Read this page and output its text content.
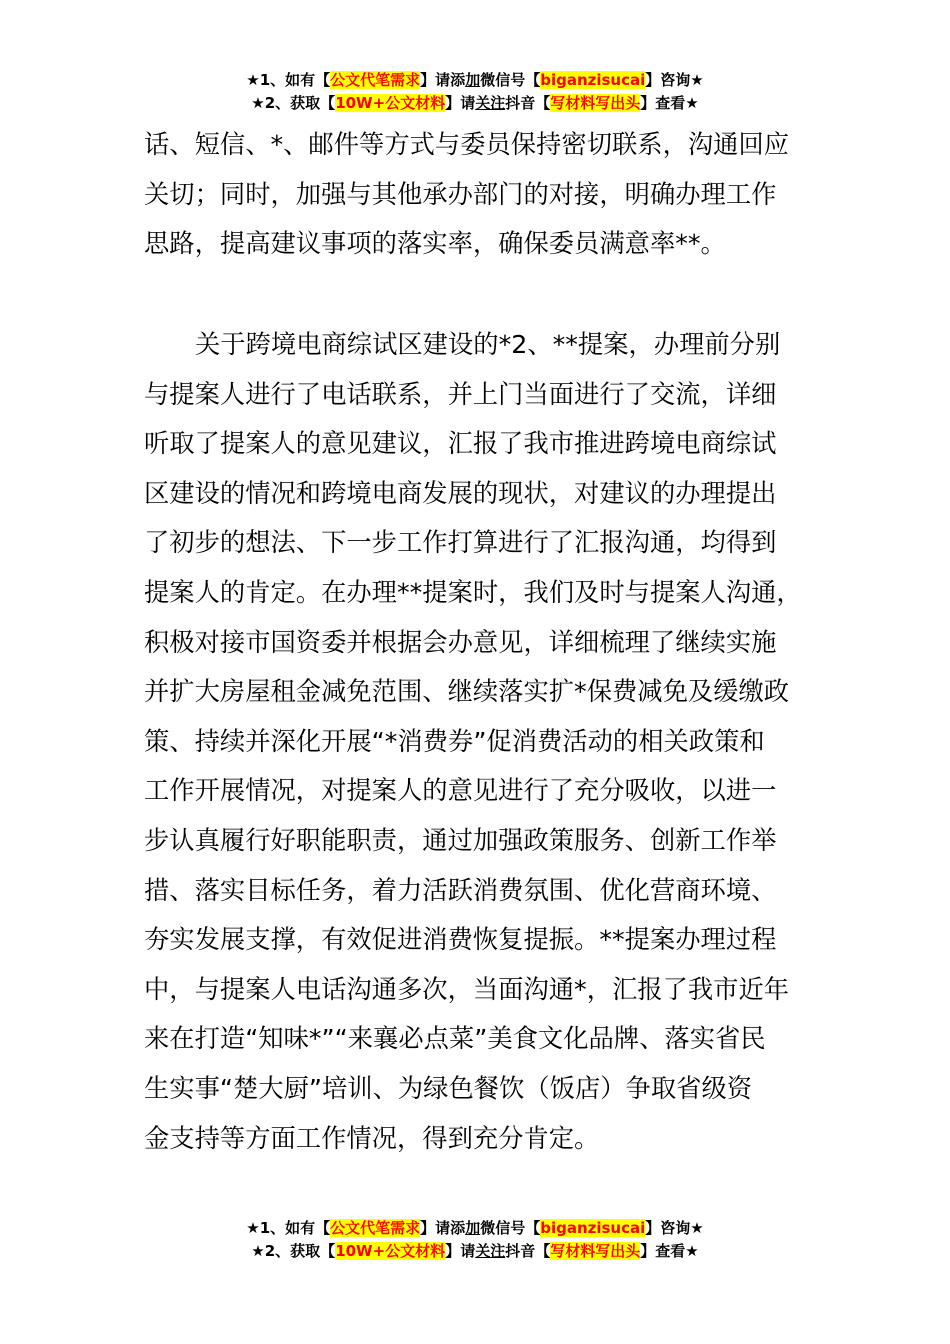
★1、如有【公文代笔需求】请添加微信号【biganzisucai】咨询★
★2、获取【10W+公文材料】请关注抖音【写材料写出头】查看★
话、短信、*、邮件等方式与委员保持密切联系，沟通回应
关切；同时，加强与其他承办部门的对接，明确办理工作
思路，提高建议事项的落实率，确保委员满意率**。
关于跨境电商综试区建设的*2、**提案，办理前分别
与提案人进行了电话联系，并上门当面进行了交流，详细
听取了提案人的意见建议，汇报了我市推进跨境电商综试
区建设的情况和跨境电商发展的现状，对建议的办理提出
了初步的想法、下一步工作打算进行了汇报沟通，均得到
提案人的肯定。在办理**提案时，我们及时与提案人沟通，
积极对接市国资委并根据会办意见，详细梳理了继续实施
并扩大房屋租金减免范围、继续落实扩*保费减免及缓缴政
策、持续并深化开展“*消费券”促消费活动的相关政策和
工作开展情况，对提案人的意见进行了充分吸收，以进一
步认真履行好职能职责，通过加强政策服务、创新工作举
措、落实目标任务，着力活跃消费氛围、优化营商环境、
夯实发展支撑，有效促进消费恢复提振。**提案办理过程
中，与提案人电话沟通多次，当面沟通*，汇报了我市近年
来在打造“知味*”“来襄必点菜”美食文化品牌、落实省民
生实事“楚大厨”培训、为绿色餐饮（饭店）争取省级资
金支持等方面工作情况，得到充分肯定。
★1、如有【公文代笔需求】请添加微信号【biganzisucai】咨询★
★2、获取【10W+公文材料】请关注抖音【写材料写出头】查看★
